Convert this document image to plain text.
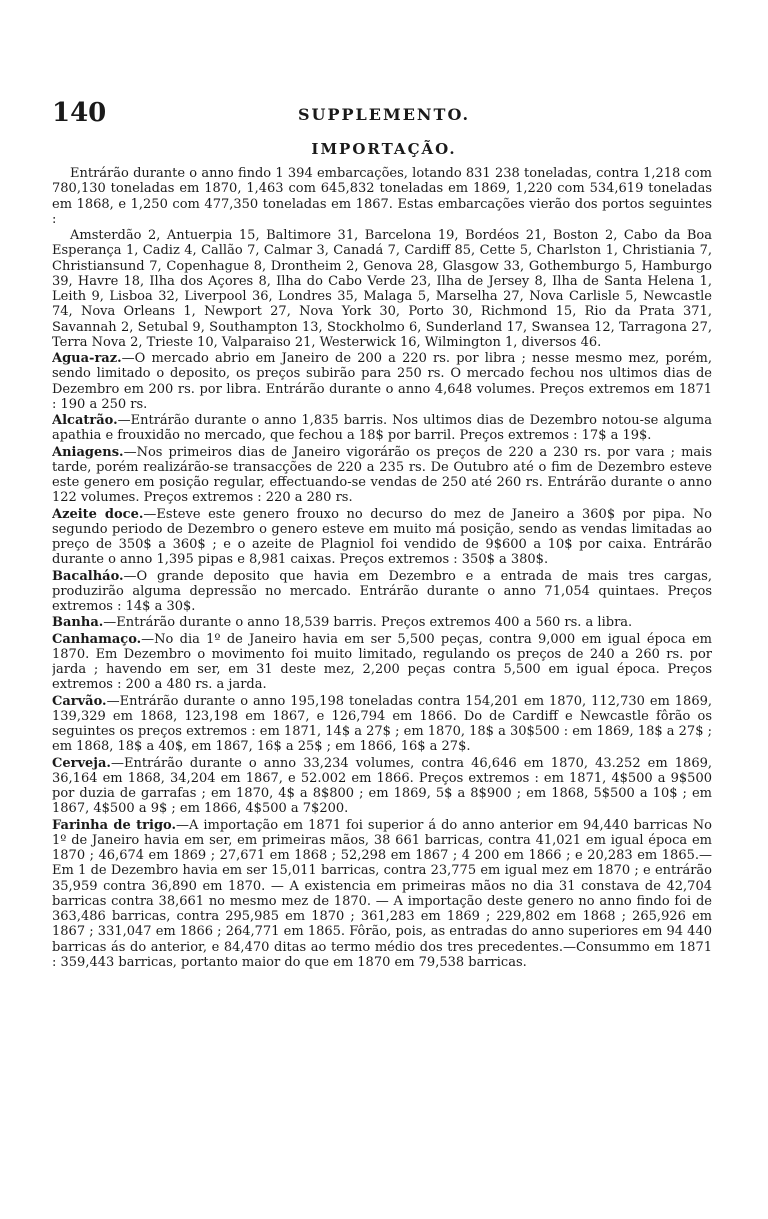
140	SUPPLEMENTO.
IMPORTAÇÃO.

Entrárão durante o anno findo 1 394 embarcações, lotando 831 238 toneladas, contra 1,218 com 780,130 toneladas em 1870, 1,463 com 645,832 toneladas em 1869, 1,220 com 534,619 toneladas em 1868, e 1,250 com 477,350 toneladas em 1867. Estas embarcações vierão dos portos seguintes :

Amsterdão 2, Antuerpia 15, Baltimore 31, Barcelona 19, Bordéos 21, Boston 2, Cabo da Boa Esperança 1, Cadiz 4, Callão 7, Calmar 3, Canadá 7, Cardiff 85, Cette 5, Charlston 1, Christiania 7, Christiansund 7, Copenhague 8, Drontheim 2, Genova 28, Glasgow 33, Gothemburgo 5, Hamburgo 39, Havre 18, Ilha dos Açores 8, Ilha do Cabo Verde 23, Ilha de Jersey 8, Ilha de Santa Helena 1, Leith 9, Lisboa 32, Liverpool 36, Londres 35, Malaga 5, Marselha 27, Nova Carlisle 5, Newcastle 74, Nova Orleans 1, Newport 27, Nova York 30, Porto 30, Richmond 15, Rio da Prata 371, Savannah 2, Setubal 9, Southampton 13, Stockholmo 6, Sunderland 17, Swansea 12, Tarragona 27, Terra Nova 2, Trieste 10, Valparaiso 21, Westerwick 16, Wilmington 1, diversos 46.

Agua-raz.—O mercado abrio em Janeiro de 200 a 220 rs. por libra ; nesse mesmo mez, porém, sendo limitado o deposito, os preços subirão para 250 rs. O mercado fechou nos ultimos dias de Dezembro em 200 rs. por libra. Entrárão durante o anno 4,648 volumes. Preços extremos em 1871 : 190 a 250 rs.

Alcatrão.—Entrárão durante o anno 1,835 barris. Nos ultimos dias de Dezembro notou-se alguma apathia e frouxidão no mercado, que fechou a 18$ por barril. Preços extremos : 17$ a 19$.

Aniagens.—Nos primeiros dias de Janeiro vigorárão os preços de 220 a 230 rs. por vara ; mais tarde, porém realizárão-se transacções de 220 a 235 rs. De Outubro até o fim de Dezembro esteve este genero em posição regular, effectuando-se vendas de 250 até 260 rs. Entrárão durante o anno 122 volumes. Preços extremos : 220 a 280 rs.

Azeite doce.—Esteve este genero frouxo no decurso do mez de Janeiro a 360$ por pipa. No segundo periodo de Dezembro o genero esteve em muito má posição, sendo as vendas limitadas ao preço de 350$ a 360$ ; e o azeite de Plagniol foi vendido de 9$600 a 10$ por caixa. Entrárão durante o anno 1,395 pipas e 8,981 caixas. Preços extremos : 350$ a 380$.

Bacalháo.—O grande deposito que havia em Dezembro e a entrada de mais tres cargas, produzirão alguma depressão no mercado. Entrárão durante o anno 71,054 quintaes. Preços extremos : 14$ a 30$.

Banha.—Entrárão durante o anno 18,539 barris. Preços extremos 400 a 560 rs. a libra.

Canhamaço.—No dia 1º de Janeiro havia em ser 5,500 peças, contra 9,000 em igual época em 1870. Em Dezembro o movimento foi muito limitado, regulando os preços de 240 a 260 rs. por jarda ; havendo em ser, em 31 deste mez, 2,200 peças contra 5,500 em igual época. Preços extremos : 200 a 480 rs. a jarda.

Carvão.—Entrárão durante o anno 195,198 toneladas contra 154,201 em 1870, 112,730 em 1869, 139,329 em 1868, 123,198 em 1867, e 126,794 em 1866. Do de Cardiff e Newcastle fôrão os seguintes os preços extremos : em 1871, 14$ a 27$ ; em 1870, 18$ a 30$500 : em 1869, 18$ a 27$ ; em 1868, 18$ a 40$, em 1867, 16$ a 25$ ; em 1866, 16$ a 27$.

Cerveja.—Entrárão durante o anno 33,234 volumes, contra 46,646 em 1870, 43.252 em 1869, 36,164 em 1868, 34,204 em 1867, e 52.002 em 1866. Preços extremos : em 1871, 4$500 a 9$500 por duzia de garrafas ; em 1870, 4$ a 8$800 ; em 1869, 5$ a 8$900 ; em 1868, 5$500 a 10$ ; em 1867, 4$500 a 9$ ; em 1866, 4$500 a 7$200.

Farinha de trigo.—A importação em 1871 foi superior á do anno anterior em 94,440 barricas No 1º de Janeiro havia em ser, em primeiras mãos, 38 661 barricas, contra 41,021 em igual época em 1870 ; 46,674 em 1869 ; 27,671 em 1868 ; 52,298 em 1867 ; 4 200 em 1866 ; e 20,283 em 1865.—Em 1 de Dezembro havia em ser 15,011 barricas, contra 23,775 em igual mez em 1870 ; e entrárão 35,959 contra 36,890 em 1870. — A existencia em primeiras mãos no dia 31 constava de 42,704 barricas contra 38,661 no mesmo mez de 1870. — A importação deste genero no anno findo foi de 363,486 barricas, contra 295,985 em 1870 ; 361,283 em 1869 ; 229,802 em 1868 ; 265,926 em 1867 ; 331,047 em 1866 ; 264,771 em 1865. Fôrão, pois, as entradas do anno superiores em 94 440 barricas ás do anterior, e 84,470 ditas ao termo médio dos tres precedentes.—Consummo em 1871 : 359,443 barricas, portanto maior do que em 1870 em 79,538 barricas.
